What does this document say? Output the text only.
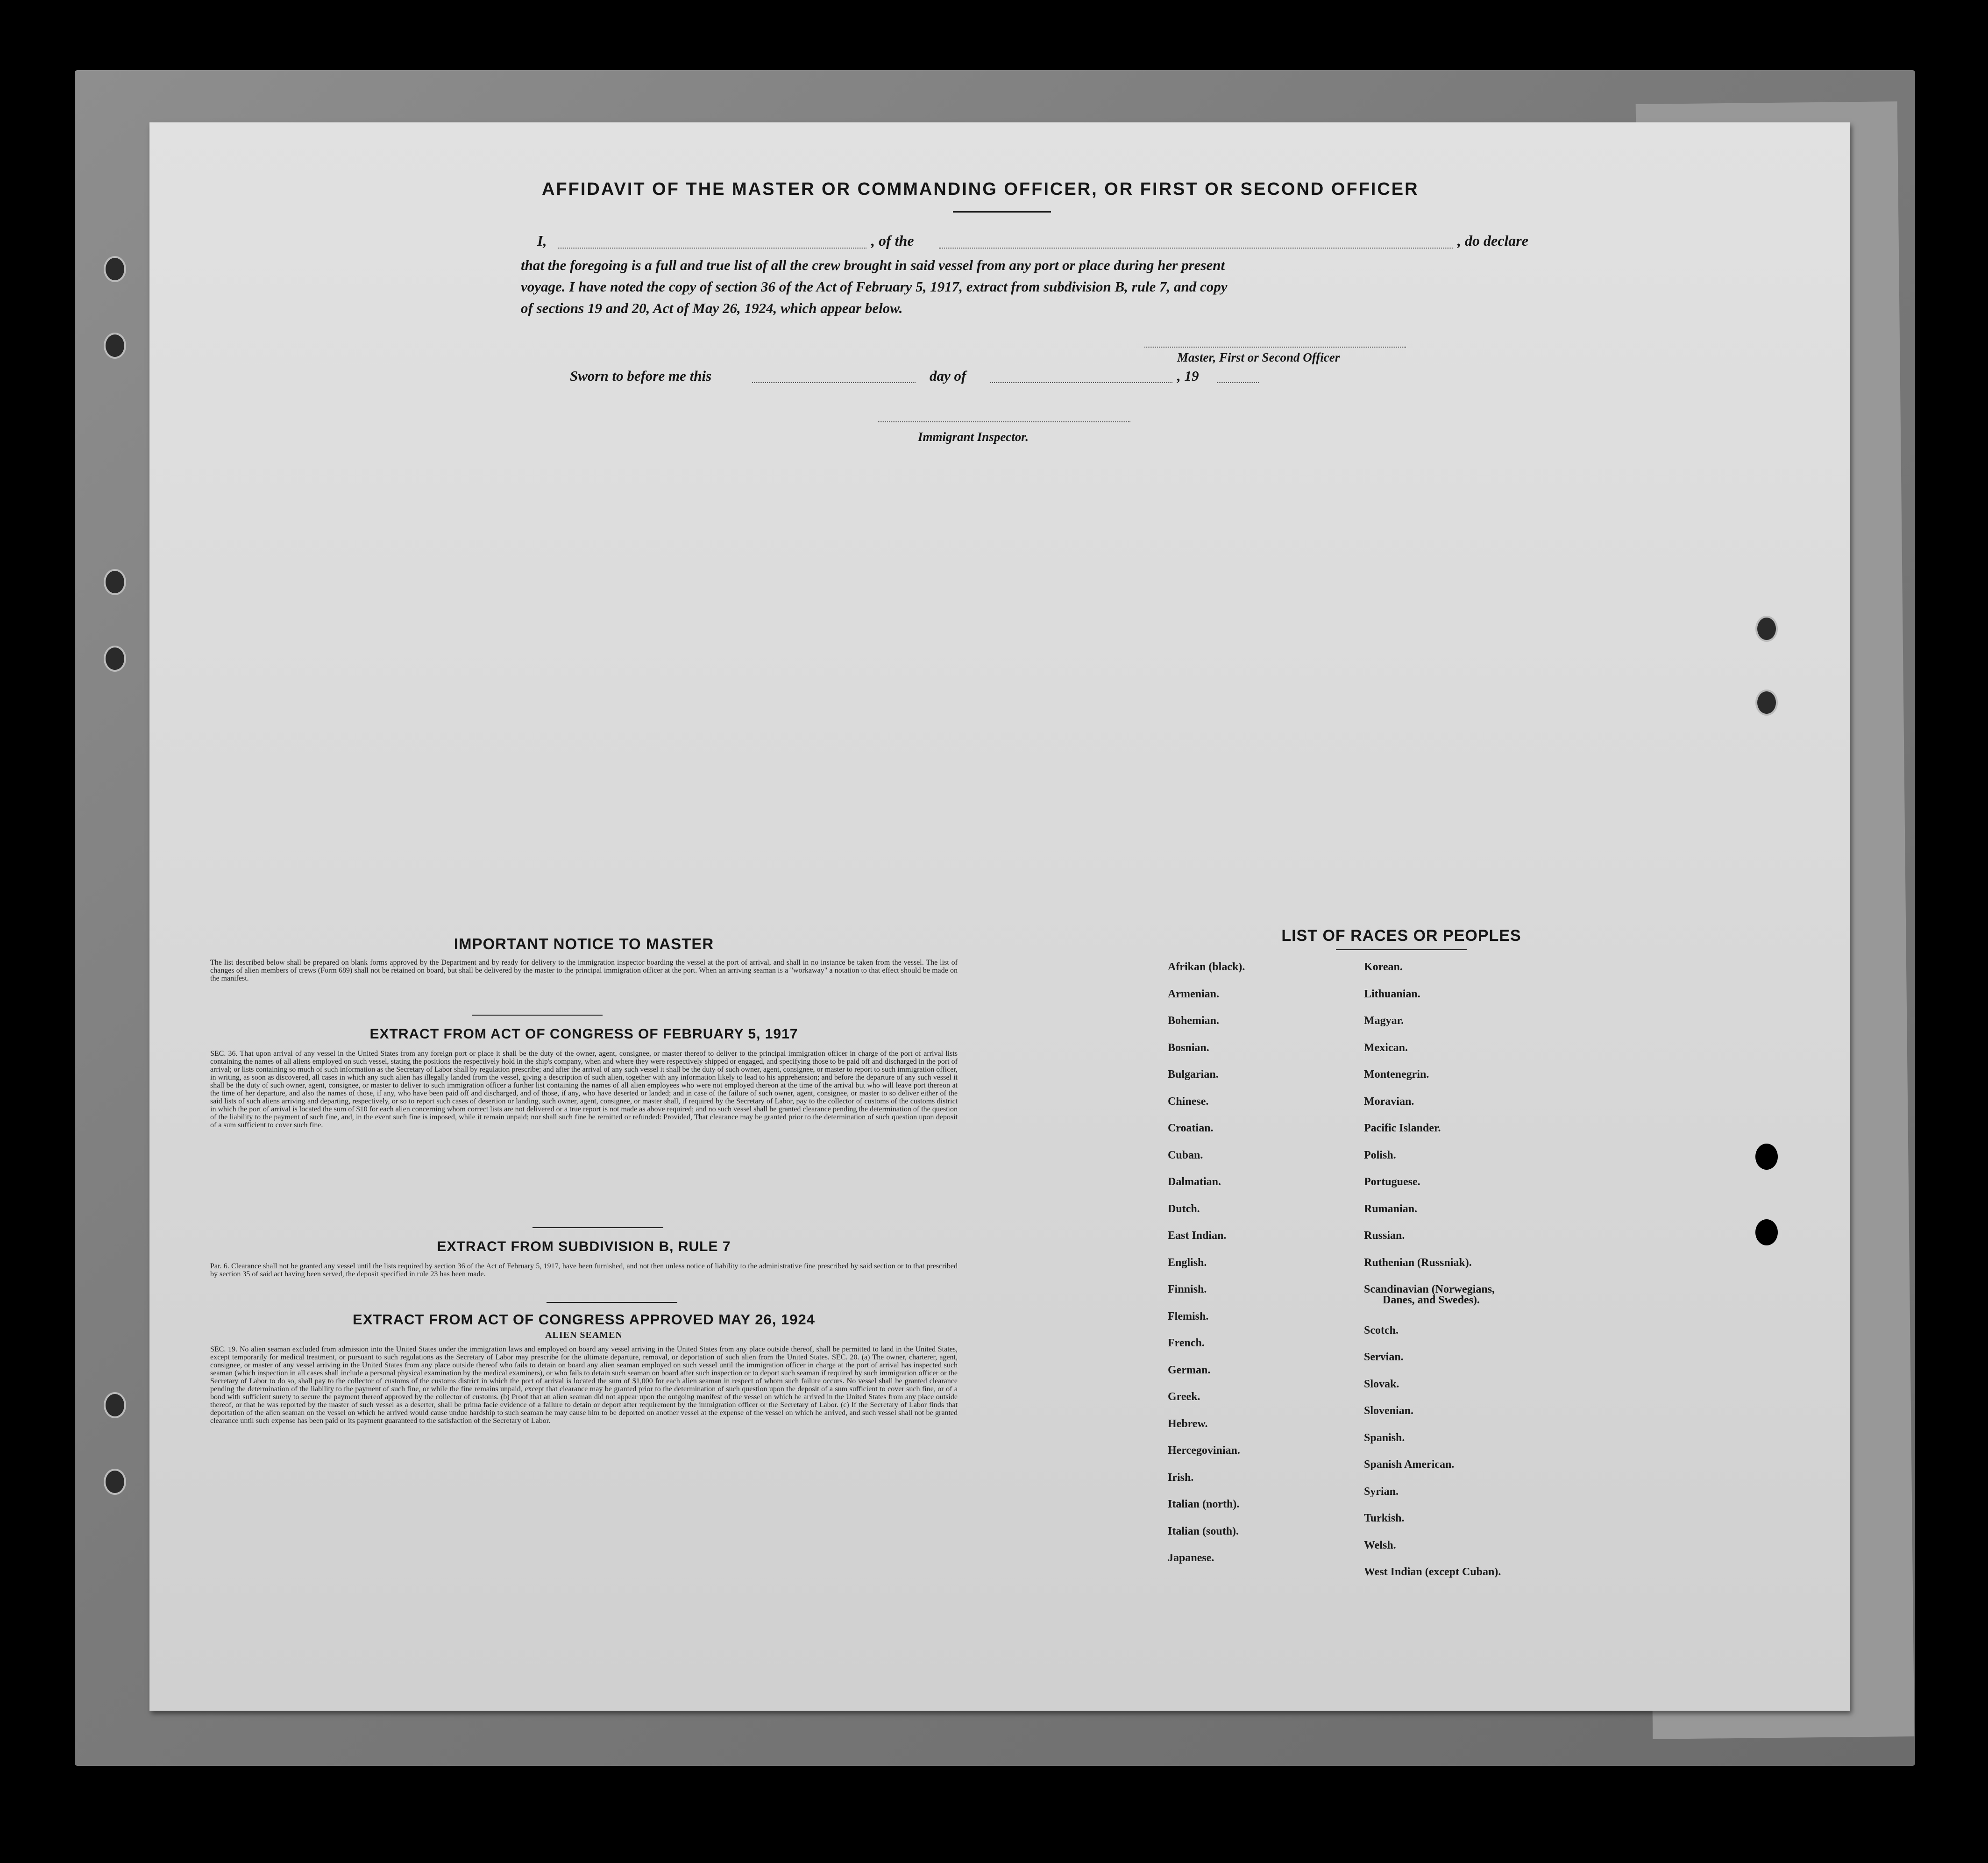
AFFIDAVIT OF THE MASTER OR COMMANDING OFFICER, OR FIRST OR SECOND OFFICER
I,	, of the	, do declare
that the foregoing is a full and true list of all the crew brought in said vessel from any port or place during her present
voyage. I have noted the copy of section 36 of the Act of February 5, 1917, extract from subdivision B, rule 7, and copy
of sections 19 and 20, Act of May 26, 1924, which appear below.
Master, First or Second Officer
Sworn to before me this	day of	, 19
Immigrant Inspector.
IMPORTANT NOTICE TO MASTER
The list described below shall be prepared on blank forms approved by the Department and by ready for delivery to the immigration inspector boarding the vessel at the port of arrival, and shall in no instance be taken from the vessel. The list of changes of alien members of crews (Form 689) shall not be retained on board, but shall be delivered by the master to the principal immigration officer at the port. When an arriving seaman is a "workaway" a notation to that effect should be made on the manifest.
EXTRACT FROM ACT OF CONGRESS OF FEBRUARY 5, 1917
SEC. 36. That upon arrival of any vessel in the United States from any foreign port or place it shall be the duty of the owner, agent, consignee, or master thereof to deliver to the principal immigration officer in charge of the port of arrival lists containing the names of all aliens employed on such vessel, stating the positions the respectively hold in the ship's company, when and where they were respectively shipped or engaged, and specifying those to be paid off and discharged in the port of arrival; or lists containing so much of such information as the Secretary of Labor shall by regulation prescribe; and after the arrival of any such vessel it shall be the duty of such owner, agent, consignee, or master to report to such immigration officer, in writing, as soon as discovered, all cases in which any such alien has illegally landed from the vessel, giving a description of such alien, together with any information likely to lead to his apprehension; and before the departure of any such vessel it shall be the duty of such owner, agent, consignee, or master to deliver to such immigration officer a further list containing the names of all alien employees who were not employed thereon at the time of the arrival but who will leave port thereon at the time of her departure, and also the names of those, if any, who have been paid off and discharged, and of those, if any, who have deserted or landed; and in case of the failure of such owner, agent, consignee, or master to so deliver either of the said lists of such aliens arriving and departing, respectively, or so to report such cases of desertion or landing, such owner, agent, consignee, or master shall, if required by the Secretary of Labor, pay to the collector of customs of the customs district in which the port of arrival is located the sum of $10 for each alien concerning whom correct lists are not delivered or a true report is not made as above required; and no such vessel shall be granted clearance pending the determination of the question of the liability to the payment of such fine, and, in the event such fine is imposed, while it remain unpaid; nor shall such fine be remitted or refunded: Provided, That clearance may be granted prior to the determination of such question upon deposit of a sum sufficient to cover such fine.
EXTRACT FROM SUBDIVISION B, RULE 7
Par. 6. Clearance shall not be granted any vessel until the lists required by section 36 of the Act of February 5, 1917, have been furnished, and not then unless notice of liability to the administrative fine prescribed by said section or to that prescribed by section 35 of said act having been served, the deposit specified in rule 23 has been made.
EXTRACT FROM ACT OF CONGRESS APPROVED MAY 26, 1924
ALIEN SEAMEN
SEC. 19. No alien seaman excluded from admission into the United States under the immigration laws and employed on board any vessel arriving in the United States from any place outside thereof, shall be permitted to land in the United States, except temporarily for medical treatment, or pursuant to such regulations as the Secretary of Labor may prescribe for the ultimate departure, removal, or deportation of such alien from the United States. SEC. 20. (a) The owner, charterer, agent, consignee, or master of any vessel arriving in the United States from any place outside thereof who fails to detain on board any alien seaman employed on such vessel until the immigration officer in charge at the port of arrival has inspected such seaman (which inspection in all cases shall include a personal physical examination by the medical examiners), or who fails to detain such seaman on board after such inspection or to deport such seaman if required by such immigration officer or the Secretary of Labor to do so, shall pay to the collector of customs of the customs district in which the port of arrival is located the sum of $1,000 for each alien seaman in respect of whom such failure occurs. No vessel shall be granted clearance pending the determination of the liability to the payment of such fine, or while the fine remains unpaid, except that clearance may be granted prior to the determination of such question upon the deposit of a sum sufficient to cover such fine, or of a bond with sufficient surety to secure the payment thereof approved by the collector of customs. (b) Proof that an alien seaman did not appear upon the outgoing manifest of the vessel on which he arrived in the United States from any place outside thereof, or that he was reported by the master of such vessel as a deserter, shall be prima facie evidence of a failure to detain or deport after requirement by the immigration officer or the Secretary of Labor. (c) If the Secretary of Labor finds that deportation of the alien seaman on the vessel on which he arrived would cause undue hardship to such seaman he may cause him to be deported on another vessel at the expense of the vessel on which he arrived, and such vessel shall not be granted clearance until such expense has been paid or its payment guaranteed to the satisfaction of the Secretary of Labor.
LIST OF RACES OR PEOPLES
Danes, and Swedes).
Afrikan (black).
Armenian.
Bohemian.
Bosnian.
Bulgarian.
Chinese.
Croatian.
Cuban.
Dalmatian.
Dutch.
East Indian.
English.
Finnish.
Flemish.
French.
German.
Greek.
Hebrew.
Hercegovinian.
Irish.
Italian (north).
Italian (south).
Japanese.
Korean.
Lithuanian.
Magyar.
Mexican.
Montenegrin.
Moravian.
Pacific Islander.
Polish.
Portuguese.
Rumanian.
Russian.
Ruthenian (Russniak).
Scandinavian (Norwegians,
Scotch.
Servian.
Slovak.
Slovenian.
Spanish.
Spanish American.
Syrian.
Turkish.
Welsh.
West Indian (except Cuban).
